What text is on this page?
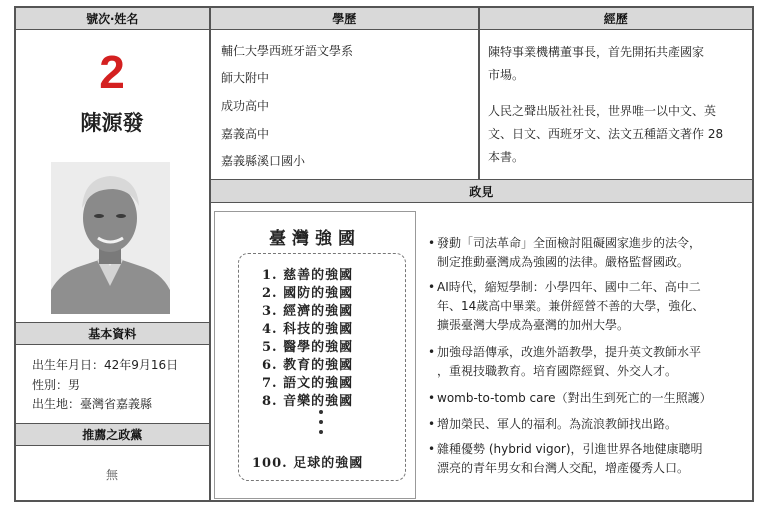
號次‧姓名	學歷	經歷
政見
基本資料
推薦之政黨
2
陳源發
出生年月日：42年9月16日
性別：男
出生地：臺灣省嘉義縣
無
輔仁大學西班牙語文學系
師大附中
成功高中
嘉義高中
嘉義縣溪口國小
陳特事業機構董事長，首先開拓共產國家
市場。
人民之聲出版社社長，世界唯一以中文、英
文、日文、西班牙文、法文五種語文著作 28
本書。
臺灣強國
1. 慈善的強國
2. 國防的強國
3. 經濟的強國
4. 科技的強國
5. 醫學的強國
6. 教育的強國
7. 語文的強國
8. 音樂的強國
100. 足球的強國
• 發動「司法革命」全面檢討阻礙國家進步的法令，
制定推動臺灣成為強國的法律。嚴格監督國政。
• AI時代，縮短學制：小學四年、國中二年、高中二
年、14歲高中畢業。兼併經營不善的大學，強化、
擴張臺灣大學成為臺灣的加州大學。
• 加強母語傳承，改進外語教學，提升英文教師水平
，重視技職教育。培育國際經貿、外交人才。
• womb-to-tomb care（對出生到死亡的一生照護）
• 增加榮民、軍人的福利。為流浪教師找出路。
• 雜種優勢 (hybrid vigor)，引進世界各地健康聰明
漂亮的青年男女和台灣人交配，增產優秀人口。
